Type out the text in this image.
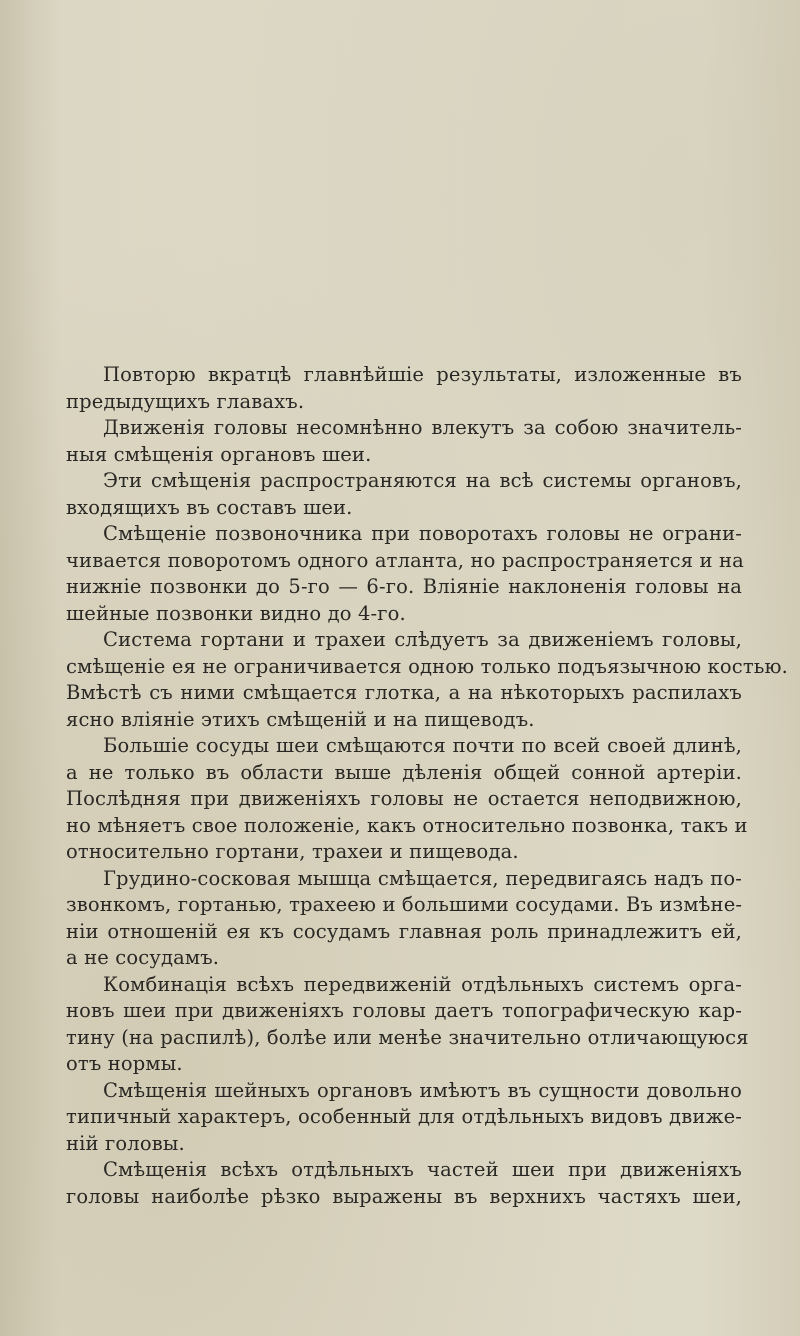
Повторю вкратцѣ главнѣйшіе результаты, изложенные въ
предыдущихъ главахъ.
Движенія головы несомнѣнно влекутъ за собою значитель-
ныя смѣщенія органовъ шеи.
Эти смѣщенія распространяются на всѣ системы органовъ,
входящихъ въ составъ шеи.
Смѣщеніе позвоночника при поворотахъ головы не ограни-
чивается поворотомъ одного атланта, но распространяется и на
нижніе позвонки до 5-го — 6-го. Вліяніе наклоненія головы на
шейные позвонки видно до 4-го.
Система гортани и трахеи слѣдуетъ за движеніемъ головы,
смѣщеніе ея не ограничивается одною только подъязычною костью.
Вмѣстѣ съ ними смѣщается глотка, а на нѣкоторыхъ распилахъ
ясно вліяніе этихъ смѣщеній и на пищеводъ.
Большіе сосуды шеи смѣщаются почти по всей своей длинѣ,
а не только въ области выше дѣленія общей сонной артеріи.
Послѣдняя при движеніяхъ головы не остается неподвижною,
но мѣняетъ свое положеніе, какъ относительно позвонка, такъ и
относительно гортани, трахеи и пищевода.
Грудино-сосковая мышца смѣщается, передвигаясь надъ по-
звонкомъ, гортанью, трахеею и большими сосудами. Въ измѣне-
ніи отношеній ея къ сосудамъ главная роль принадлежитъ ей,
а не сосудамъ.
Комбинація всѣхъ передвиженій отдѣльныхъ системъ орга-
новъ шеи при движеніяхъ головы даетъ топографическую кар-
тину (на распилѣ), болѣе или менѣе значительно отличающуюся
отъ нормы.
Смѣщенія шейныхъ органовъ имѣютъ въ сущности довольно
типичный характеръ, особенный для отдѣльныхъ видовъ движе-
ній головы.
Смѣщенія всѣхъ отдѣльныхъ частей шеи при движеніяхъ
головы наиболѣе рѣзко выражены въ верхнихъ частяхъ шеи,
